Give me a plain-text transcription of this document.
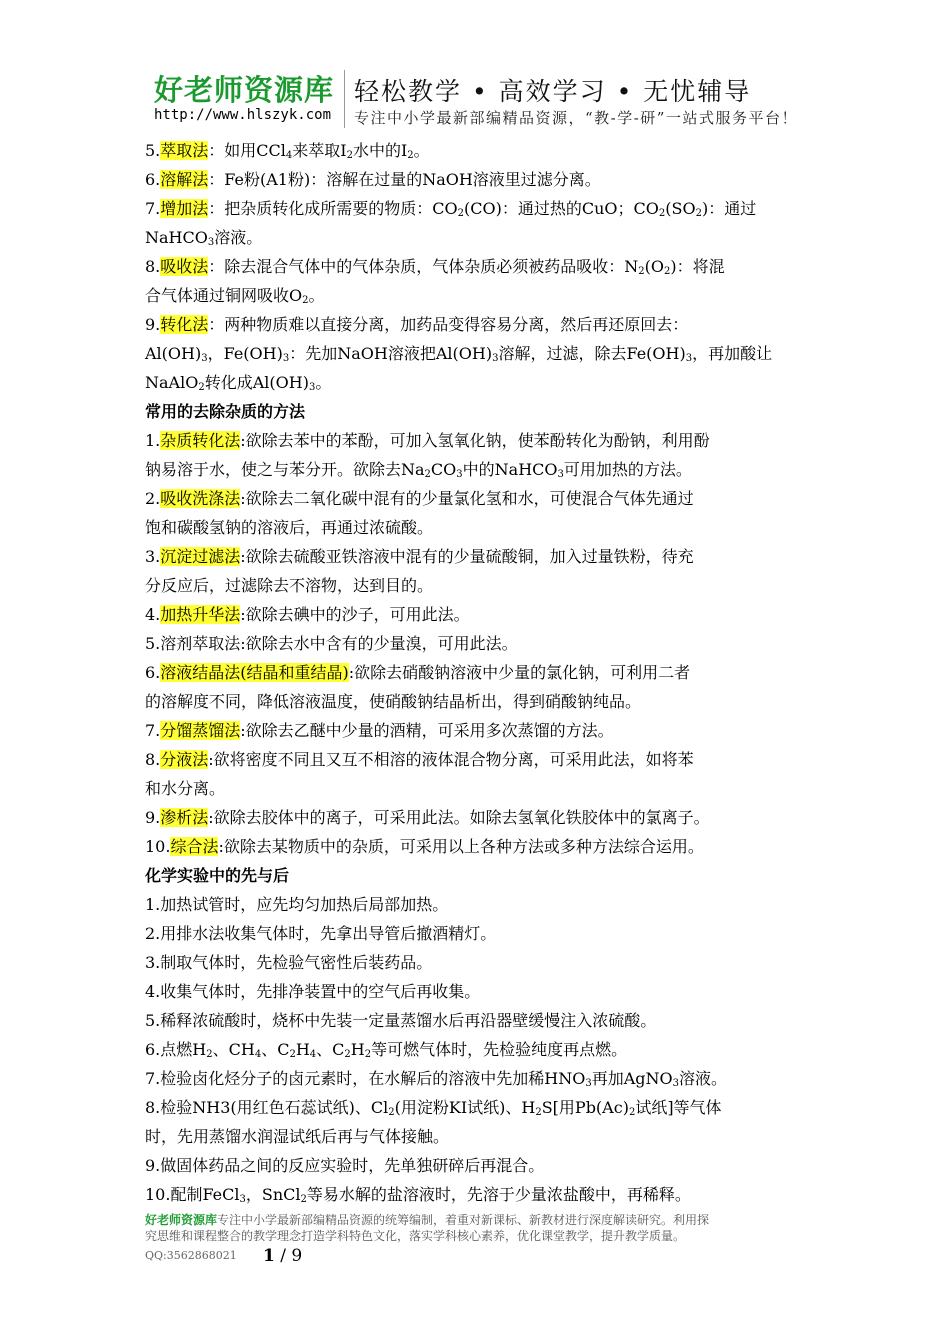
好老师资源库
http://www.hlszyk.com
轻松教学 • 高效学习 • 无忧辅导
专注中小学最新部编精品资源，“教-学-研”一站式服务平台！

5.萃取法：如用CCl$_4$来萃取$I_2$水中的$I_2$。

6.溶解法：Fe粉(A1粉)：溶解在过量的NaOH溶液里过滤分离。

7.增加法：把杂质转化成所需要的物质：$CO_2(CO)$：通过热的CuO；$CO_2(SO_2)$：通过

NaHCO$_3$溶液。

8.吸收法：除去混合气体中的气体杂质，气体杂质必须被药品吸收：$N_2(O_2)$：将混

合气体通过铜网吸收$O_2$。

9.转化法：两种物质难以直接分离，加药品变得容易分离，然后再还原回去：

$Al(OH)_3$，$Fe(OH)_3$：先加NaOH溶液把$Al(OH)_3$溶解，过滤，除去$Fe(OH)_3$，再加酸让

NaAlO$_2$转化成$Al(OH)_3$。

常用的去除杂质的方法

1.杂质转化法:欲除去苯中的苯酚，可加入氢氧化钠，使苯酚转化为酚钠，利用酚

钠易溶于水，使之与苯分开。欲除去$Na_2CO_3$中的NaHCO$_3$可用加热的方法。

2.吸收洗涤法:欲除去二氧化碳中混有的少量氯化氢和水，可使混合气体先通过

饱和碳酸氢钠的溶液后，再通过浓硫酸。

3.沉淀过滤法:欲除去硫酸亚铁溶液中混有的少量硫酸铜，加入过量铁粉，待充

分反应后，过滤除去不溶物，达到目的。

4.加热升华法:欲除去碘中的沙子，可用此法。

5.溶剂萃取法:欲除去水中含有的少量溴，可用此法。

6.溶液结晶法(结晶和重结晶):欲除去硝酸钠溶液中少量的氯化钠，可利用二者

的溶解度不同，降低溶液温度，使硝酸钠结晶析出，得到硝酸钠纯品。

7.分馏蒸馏法:欲除去乙醚中少量的酒精，可采用多次蒸馏的方法。

8.分液法:欲将密度不同且又互不相溶的液体混合物分离，可采用此法，如将苯

和水分离。

9.渗析法:欲除去胶体中的离子，可采用此法。如除去氢氧化铁胶体中的氯离子。

10.综合法:欲除去某物质中的杂质，可采用以上各种方法或多种方法综合运用。

化学实验中的先与后

1.加热试管时，应先均匀加热后局部加热。

2.用排水法收集气体时，先拿出导管后撤酒精灯。

3.制取气体时，先检验气密性后装药品。

4.收集气体时，先排净装置中的空气后再收集。

5.稀释浓硫酸时，烧杯中先装一定量蒸馏水后再沿器壁缓慢注入浓硫酸。

6.点燃$H_2$、$CH_4$、$C_2H_4$、$C_2H_2$等可燃气体时，先检验纯度再点燃。

7.检验卤化烃分子的卤元素时，在水解后的溶液中先加稀$HNO_3$再加AgNO$_3$溶液。

8.检验NH3(用红色石蕊试纸)、$Cl_2$(用淀粉KI试纸)、$H_2S$[用$Pb(Ac)_2$试纸]等气体

时，先用蒸馏水润湿试纸后再与气体接触。

9.做固体药品之间的反应实验时，先单独研碎后再混合。

10.配制FeCl$_3$，SnCl$_2$等易水解的盐溶液时，先溶于少量浓盐酸中，再稀释。

好老师资源库专注中小学最新部编精品资源的统筹编制，着重对新课标、新教材进行深度解读研究。利用探
究思维和课程整合的教学理念打造学科特色文化，落实学科核心素养，优化课堂教学，提升教学质量。

QQ:3562868021 1 / 9
